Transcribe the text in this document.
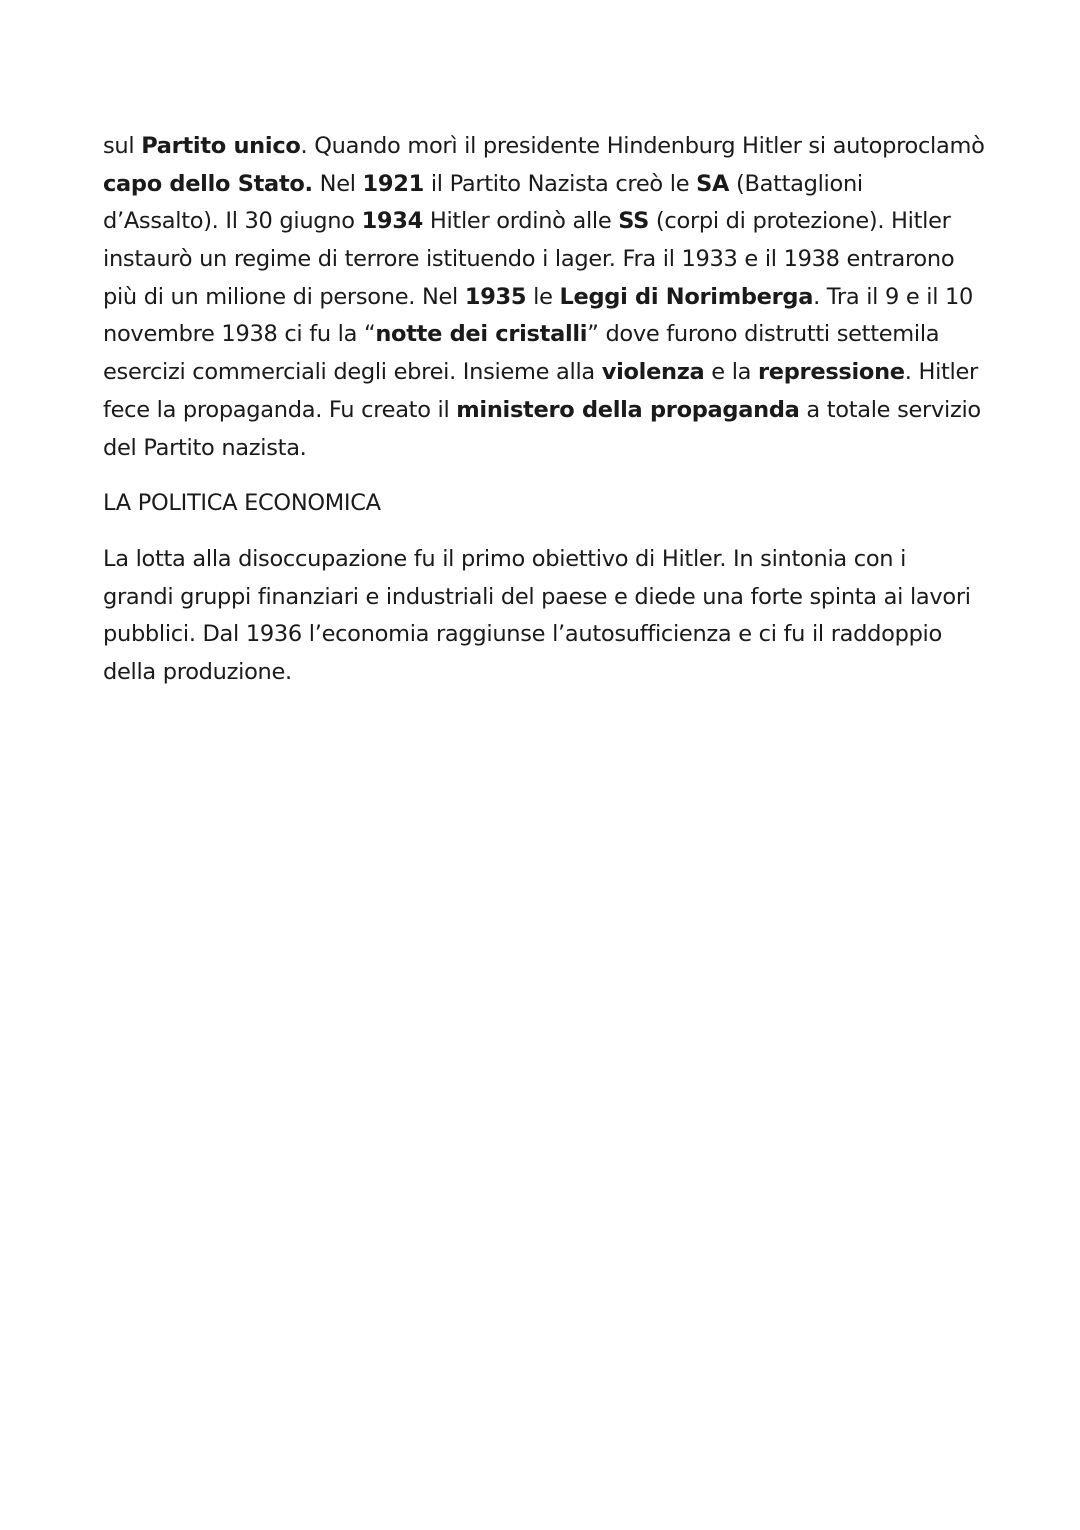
sul Partito unico. Quando morì il presidente Hindenburg Hitler si autoproclamò
capo dello Stato. Nel 1921 il Partito Nazista creò le SA (Battaglioni
d’Assalto). Il 30 giugno 1934 Hitler ordinò alle SS (corpi di protezione). Hitler
instaurò un regime di terrore istituendo i lager. Fra il 1933 e il 1938 entrarono
più di un milione di persone. Nel 1935 le Leggi di Norimberga. Tra il 9 e il 10
novembre 1938 ci fu la “notte dei cristalli” dove furono distrutti settemila
esercizi commerciali degli ebrei. Insieme alla violenza e la repressione. Hitler
fece la propaganda. Fu creato il ministero della propaganda a totale servizio
del Partito nazista.
LA POLITICA ECONOMICA
La lotta alla disoccupazione fu il primo obiettivo di Hitler. In sintonia con i
grandi gruppi finanziari e industriali del paese e diede una forte spinta ai lavori
pubblici. Dal 1936 l’economia raggiunse l’autosufficienza e ci fu il raddoppio
della produzione.
